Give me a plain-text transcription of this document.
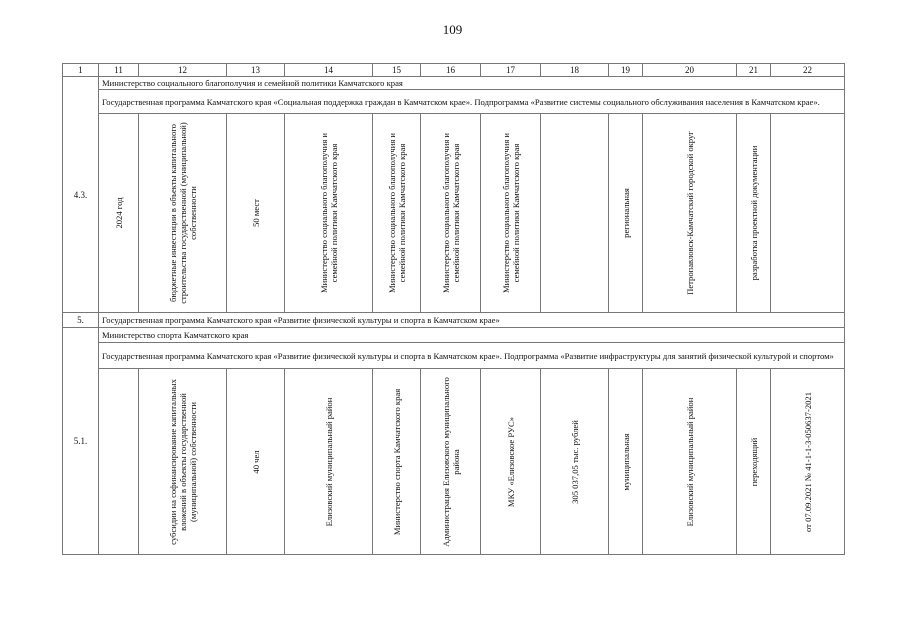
109
1	11	12	13	14	15	16	17	18	19	20	21	22
4.3.	Министерство социального благополучия и семейной политики Камчатского края											
	Государственная программа Камчатского края «Социальная поддержка граждан в Камчатском крае». Подпрограмма «Развитие системы социального обслуживания населения в Камчатском крае».											

	2024 год	бюджетные инвестиции в объекты капитального строительства государственной (муниципальной) собственности	50 мест	Министерство социального благополучия и семейной политики Камчатского края	Министерство социального благополучия и семейной политики Камчатского края	Министерство социального благополучия и семейной политики Камчатского края	Министерство социального благополучия и семейной политики Камчатского края		региональная	Петропавловск-Камчатский городской округ	разработка проектной документации	

5.	Государственная программа Камчатского края «Развитие физической культуры и спорта в Камчатском крае»											
5.1.	Министерство спорта Камчатского края											
	Государственная программа Камчатского края «Развитие физической культуры и спорта в Камчатском крае». Подпрограмма «Развитие инфраструктуры для занятий физической культурой и спортом»											

		субсидии на софинансирование капитальных вложений в объекты государственной (муниципальной) собственности	40 чел	Елизовский муниципальный район	Министерство спорта Камчатского края	Администрация Елизовского муниципального района	МКУ «Елизовское РУС»	305 037,05 тыс. рублей	муниципальная	Елизовский муниципальный район	переходящий	от 07.09.2021 № 41-1-1-3-050637-2021
